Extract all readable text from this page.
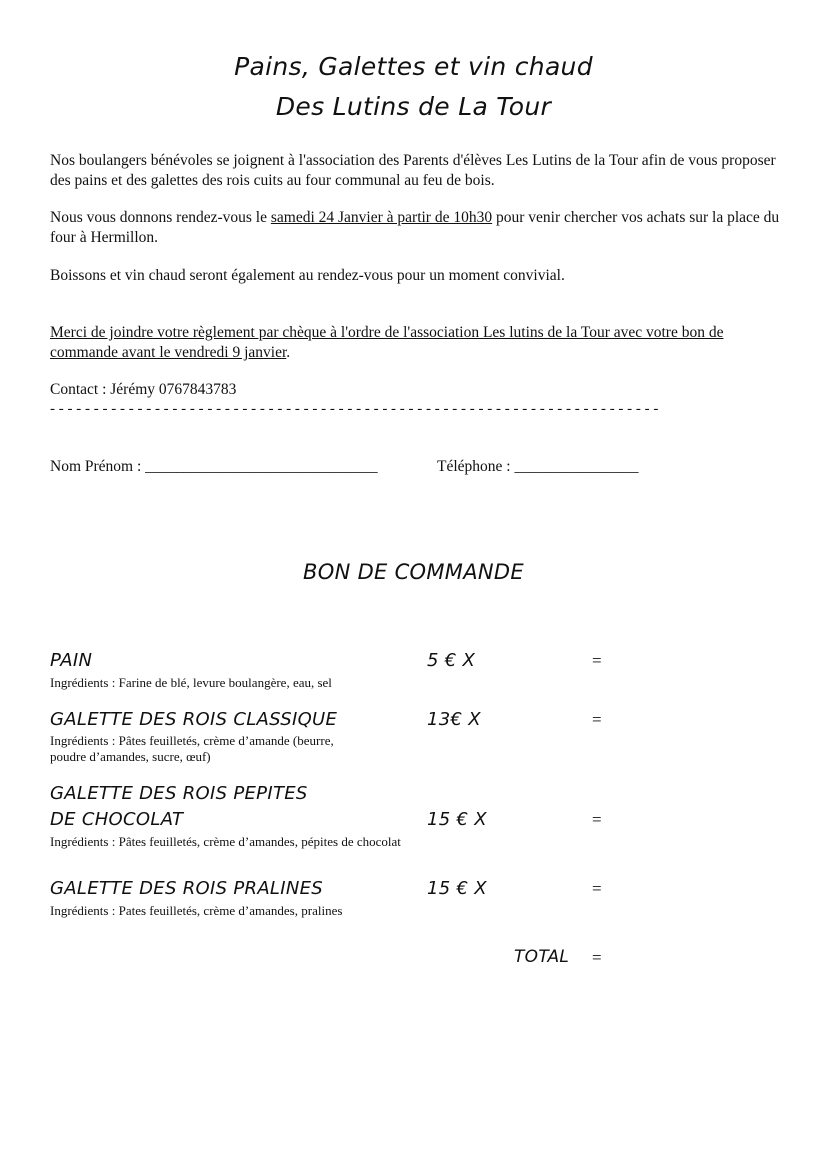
Pains, Galettes et vin chaud
Des Lutins de La Tour
Nos boulangers bénévoles se joignent à l'association des Parents d'élèves Les Lutins de la Tour afin de vous proposer des pains et des galettes des rois cuits au four communal au feu de bois.
Nous vous donnons rendez-vous le samedi 24 Janvier à partir de 10h30 pour venir chercher vos achats sur la place du four à Hermillon.
Boissons et vin chaud seront également au rendez-vous pour un moment convivial.
Merci de joindre votre règlement par chèque à l'ordre de l'association Les lutins de la Tour avec votre bon de commande avant le vendredi 9 janvier.
Contact : Jérémy 0767843783
- - - - - - - - - - - - - - - - - - - - - - - - - - - - - - - - - - - - - - - - - - - - - - - - - - - - - - - - - - - - - - - - - - - - - -
Nom Prénom : ______________________________	Téléphone : ________________
BON DE COMMANDE
PAIN	5 € X	=
Ingrédients : Farine de blé, levure boulangère, eau, sel
GALETTE DES ROIS CLASSIQUE	13€ X	=
Ingrédients : Pâtes feuilletés, crème d’amande (beurre,
poudre d’amandes, sucre, œuf)
GALETTE DES ROIS PEPITES
DE CHOCOLAT	15 € X	=
Ingrédients : Pâtes feuilletés, crème d’amandes, pépites de chocolat
GALETTE DES ROIS PRALINES	15 € X	=
Ingrédients : Pates feuilletés, crème d’amandes, pralines
TOTAL =
